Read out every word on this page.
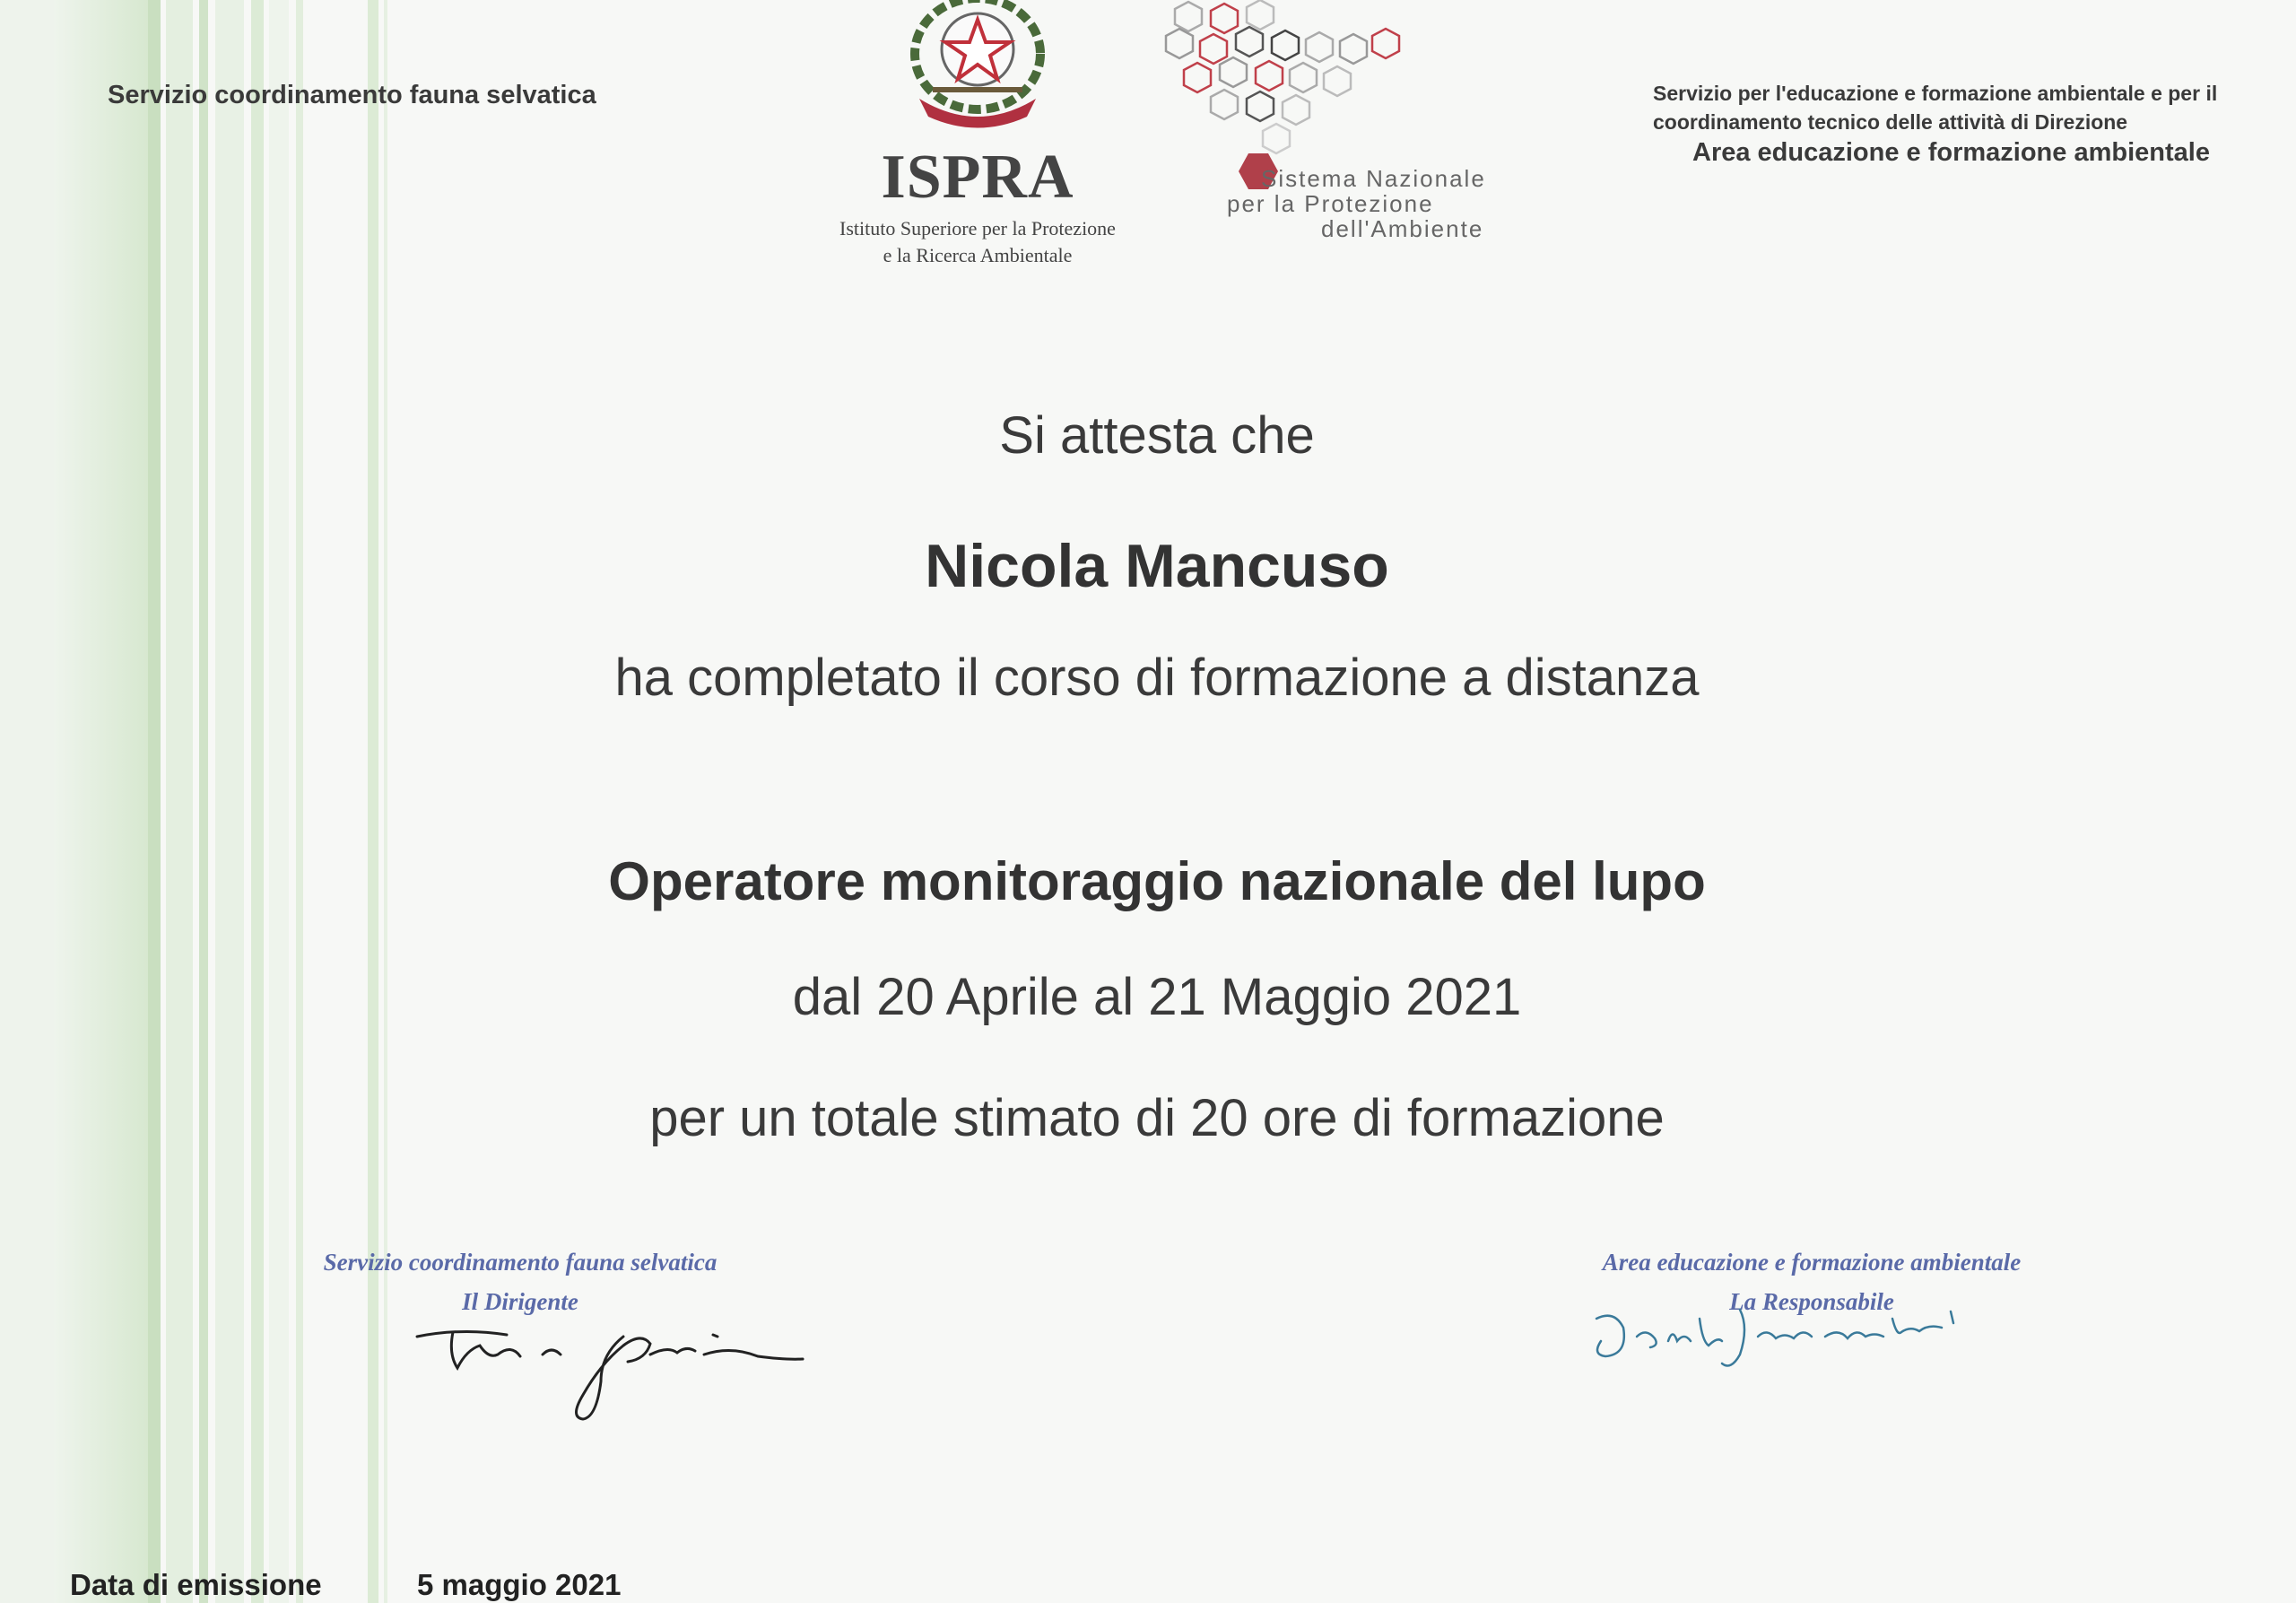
Servizio coordinamento fauna selvatica	Servizio per l'educazione e formazione ambientale e per il coordinamento tecnico delle attività di Direzione
Area educazione e formazione ambientale
ISPRA
Istituto Superiore per la Protezione
e la Ricerca Ambientale
Sistema Nazionale
per la Protezione
dell'Ambiente
Si attesta che
Nicola Mancuso
ha completato il corso di formazione a distanza
Operatore monitoraggio nazionale del lupo
dal 20 Aprile al 21 Maggio 2021
per un totale stimato di 20 ore di formazione
Servizio coordinamento fauna selvatica
Il Dirigente
Area educazione e formazione ambientale
La Responsabile
Data di emissione	5 maggio 2021
